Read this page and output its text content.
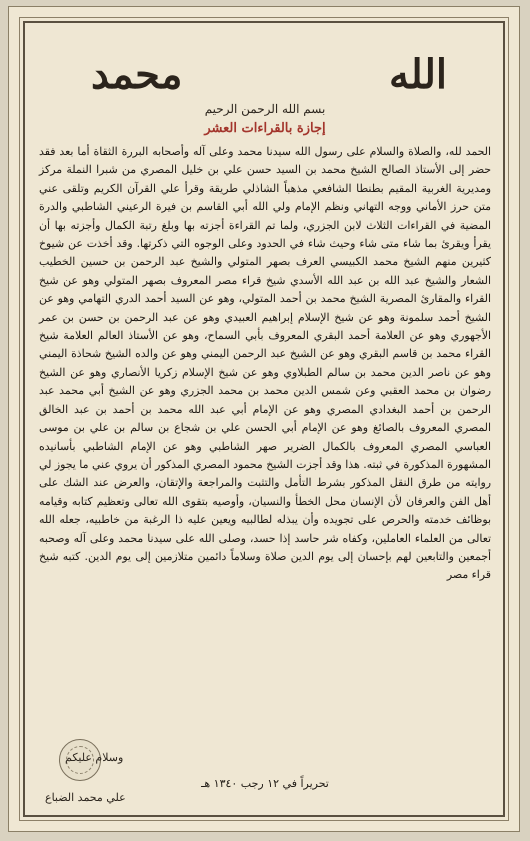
الله
محمد
بسم الله الرحمن الرحيم
إجازة بالقراءات العشر
الحمد لله، والصلاة والسلام على رسول الله سيدنا محمد وعلى آله وأصحابه البررة الثقاة أما بعد فقد حضر إلى الأستاذ الصالح الشيخ محمد بن السيد حسن علي بن خليل المصري من شبرا النملة مركز ومديرية الغربية المقيم بطنطا الشافعي مذهباً الشاذلي طريقة وقرأ علي القرآن الكريم وتلقى عني متن حرز الأماني ووجه التهاني ونظم الإمام ولي الله أبي القاسم بن فيرة الرعيني الشاطبي والدرة المضية في القراءات الثلاث لابن الجزري، ولما تم القراءة أجزته بها وبلغ رتبة الكمال وأجزته بها أن يقرأ ويقرئ بما شاء متى شاء وحيث شاء في الحدود وعلى الوجوه التي ذكرتها. وقد أخذت عن شيوخ كثيرين منهم الشيخ محمد الكبيسي العرف بصهر المتولي والشيخ عبد الرحمن بن حسين الخطيب الشعار والشيخ عبد الله بن عبد الله الأسدي شيخ قراء مصر المعروف بصهر المتولي وهو عن شيخ القراء والمقارئ المصرية الشيخ محمد بن أحمد المتولي، وهو عن السيد أحمد الدري التهامي وهو عن الشيخ أحمد سلمونة وهو عن شيخ الإسلام إبراهيم العبيدي وهو عن عبد الرحمن بن حسن بن عمر الأجهوري وهو عن العلامة أحمد البقري المعروف بأبي السماح، وهو عن الأستاذ العالم العلامة شيخ القراء محمد بن قاسم البقري وهو عن الشيخ عبد الرحمن اليمني وهو عن والده الشيخ شحاذة اليمني وهو عن ناصر الدين محمد بن سالم الطبلاوي وهو عن شيخ الإسلام زكريا الأنصاري وهو عن الشيخ رضوان بن محمد العقبي وعن شمس الدين محمد بن محمد الجزري وهو عن الشيخ أبي محمد عبد الرحمن بن أحمد البغدادي المصري وهو عن الإمام أبي عبد الله محمد بن أحمد بن عبد الخالق المصري المعروف بالصائغ وهو عن الإمام أبي الحسن علي بن شجاع بن سالم بن علي بن موسى العباسي المصري المعروف بالكمال الضرير صهر الشاطبي وهو عن الإمام الشاطبي بأسانيده المشهورة المذكورة في ثبته. هذا وقد أجزت الشيخ محمود المصري المذكور أن يروي عني ما يجوز لي روايته من طرق النقل المذكور بشرط التأمل والتثبت والمراجعة والإتقان، والعرض عند الشك على أهل الفن والعرفان لأن الإنسان محل الخطأ والنسيان، وأوصيه بتقوى الله تعالى وتعظيم كتابه وقيامه بوظائف خدمته والحرص على تجويده وأن يبذله لطالبيه ويعين عليه ذا الرغبة من خاطبيه، جعله الله تعالى من العلماء العاملين، وكفاه شر حاسد إذا حسد، وصلى الله على سيدنا محمد وعلى آله وصحبه أجمعين والتابعين لهم بإحسان إلى يوم الدين صلاة وسلاماً دائمين متلازمين إلى يوم الدين. كتبه شيخ قراء مصر
وسلام عليكم
تحريراً في ١٢ رجب ١٣٤٠ هـ
علي محمد الضباع
